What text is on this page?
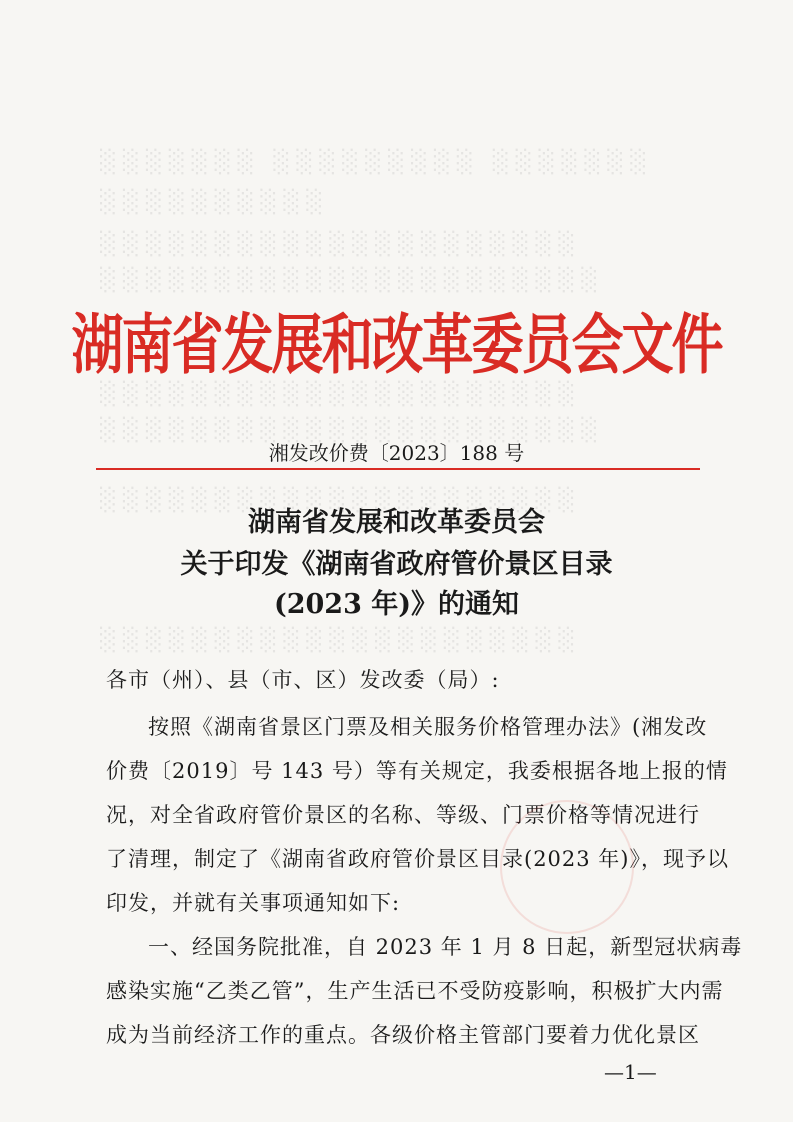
░░░░░░░ ░░░░░░░░░ ░░░░░░░
░░░░░░░░░░
░░░░░░░░░░░░░░░░░░░░░
░░░░░░░░░░░░░░░░░░░░░░
░░░░░░░░░░░░░░░░░░░░░
░░░░░░░░░░░░░░░░░░░░░░
░░░░░░░░░░░░░░░░░░░░░
░░░░░░░░░░░░░░░░░░░░░
湖南省发展和改革委员会文件
湘发改价费〔2023〕188 号
湖南省发展和改革委员会
关于印发《湖南省政府管价景区目录
(2023 年)》的通知
各市（州）、县（市、区）发改委（局）:
按照《湖南省景区门票及相关服务价格管理办法》(湘发改
价费〔2019〕号 143 号）等有关规定，我委根据各地上报的情
况，对全省政府管价景区的名称、等级、门票价格等情况进行
了清理，制定了《湖南省政府管价景区目录(2023 年)》，现予以
印发，并就有关事项通知如下:
一、经国务院批准，自 2023 年 1 月 8 日起，新型冠状病毒
感染实施“乙类乙管”，生产生活已不受防疫影响，积极扩大内需
成为当前经济工作的重点。各级价格主管部门要着力优化景区
—1—
